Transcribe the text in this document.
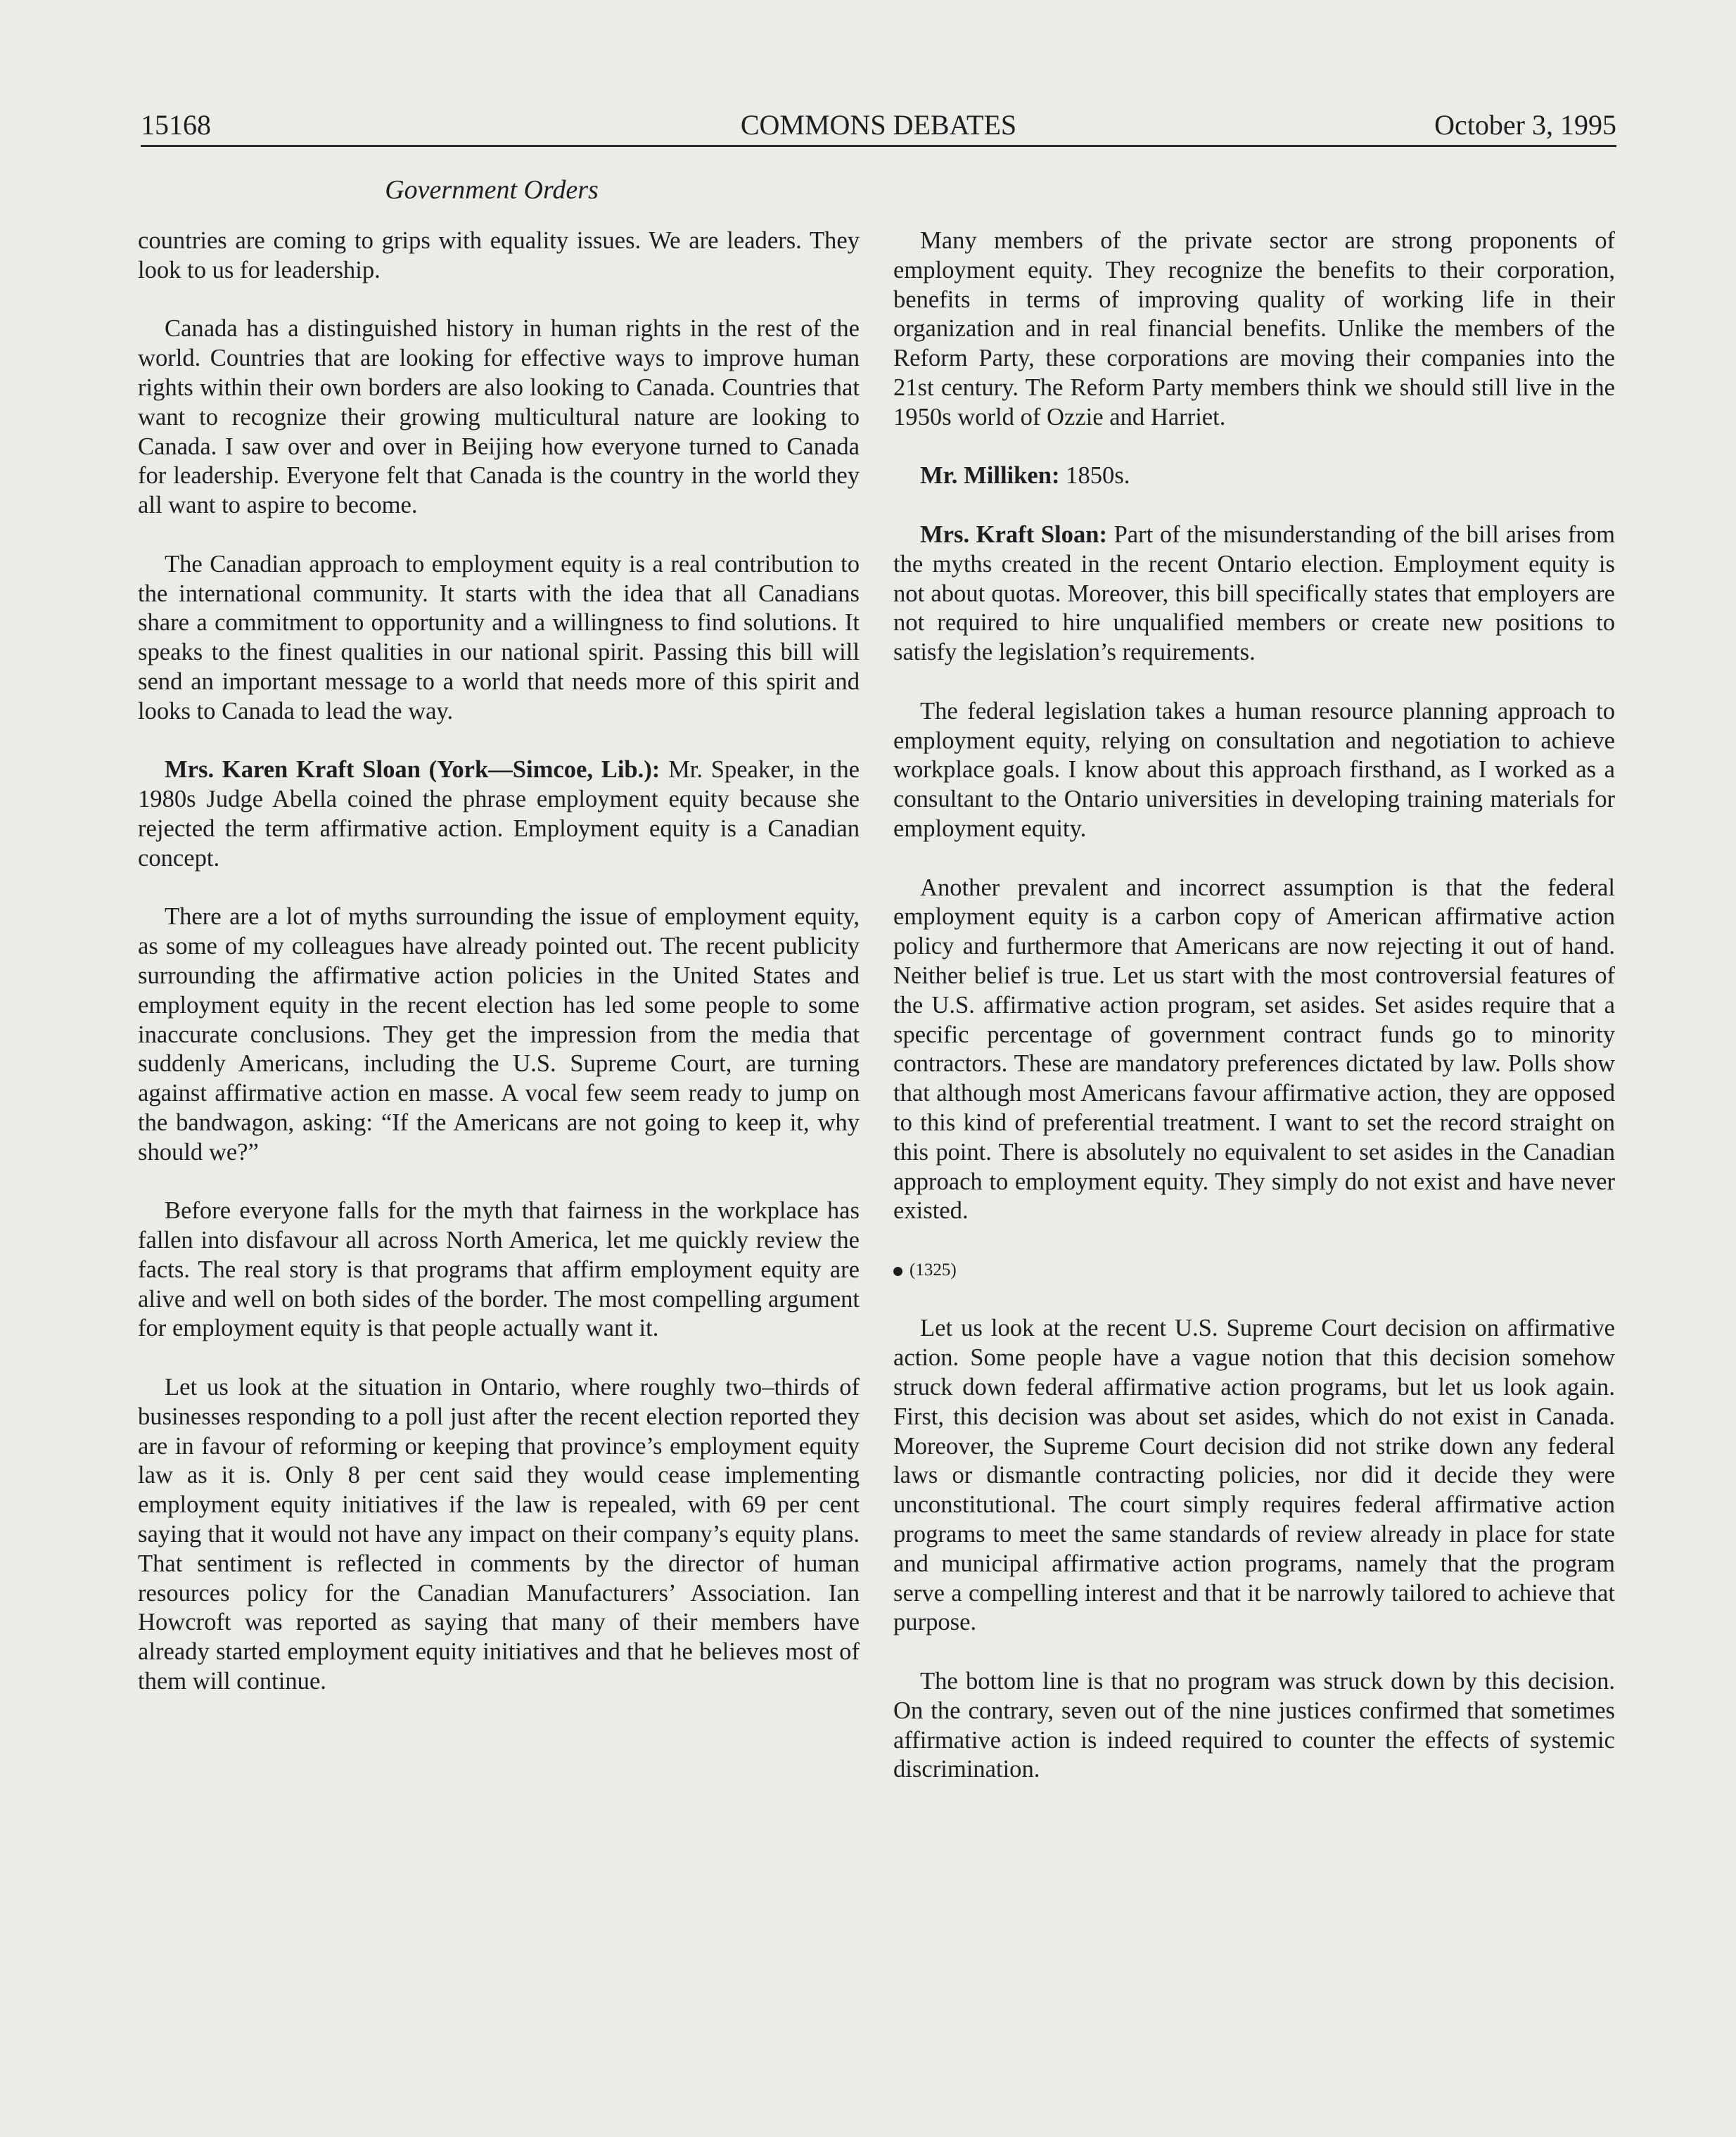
15168	COMMONS DEBATES	October 3, 1995
Government Orders

countries are coming to grips with equality issues. We are leaders. They look to us for leadership.

Canada has a distinguished history in human rights in the rest of the world. Countries that are looking for effective ways to improve human rights within their own borders are also looking to Canada. Countries that want to recognize their growing multicultural nature are looking to Canada. I saw over and over in Beijing how everyone turned to Canada for leadership. Everyone felt that Canada is the country in the world they all want to aspire to become.

The Canadian approach to employment equity is a real contribution to the international community. It starts with the idea that all Canadians share a commitment to opportunity and a willingness to find solutions. It speaks to the finest qualities in our national spirit. Passing this bill will send an important message to a world that needs more of this spirit and looks to Canada to lead the way.

Mrs. Karen Kraft Sloan (York—Simcoe, Lib.): Mr. Speaker, in the 1980s Judge Abella coined the phrase employment equity because she rejected the term affirmative action. Employment equity is a Canadian concept.

There are a lot of myths surrounding the issue of employment equity, as some of my colleagues have already pointed out. The recent publicity surrounding the affirmative action policies in the United States and employment equity in the recent election has led some people to some inaccurate conclusions. They get the impression from the media that suddenly Americans, including the U.S. Supreme Court, are turning against affirmative action en masse. A vocal few seem ready to jump on the bandwagon, asking: “If the Americans are not going to keep it, why should we?”

Before everyone falls for the myth that fairness in the workplace has fallen into disfavour all across North America, let me quickly review the facts. The real story is that programs that affirm employment equity are alive and well on both sides of the border. The most compelling argument for employment equity is that people actually want it.

Let us look at the situation in Ontario, where roughly two–thirds of businesses responding to a poll just after the recent election reported they are in favour of reforming or keeping that province’s employment equity law as it is. Only 8 per cent said they would cease implementing employment equity initiatives if the law is repealed, with 69 per cent saying that it would not have any impact on their company’s equity plans. That sentiment is reflected in comments by the director of human resources policy for the Canadian Manufacturers’ Association. Ian Howcroft was reported as saying that many of their members have already started employment equity initiatives and that he believes most of them will continue.

Many members of the private sector are strong proponents of employment equity. They recognize the benefits to their corporation, benefits in terms of improving quality of working life in their organization and in real financial benefits. Unlike the members of the Reform Party, these corporations are moving their companies into the 21st century. The Reform Party members think we should still live in the 1950s world of Ozzie and Harriet.

Mr. Milliken: 1850s.

Mrs. Kraft Sloan: Part of the misunderstanding of the bill arises from the myths created in the recent Ontario election. Employment equity is not about quotas. Moreover, this bill specifically states that employers are not required to hire unqualified members or create new positions to satisfy the legislation’s requirements.

The federal legislation takes a human resource planning approach to employment equity, relying on consultation and negotiation to achieve workplace goals. I know about this approach firsthand, as I worked as a consultant to the Ontario universities in developing training materials for employment equity.

Another prevalent and incorrect assumption is that the federal employment equity is a carbon copy of American affirmative action policy and furthermore that Americans are now rejecting it out of hand. Neither belief is true. Let us start with the most controversial features of the U.S. affirmative action program, set asides. Set asides require that a specific percentage of government contract funds go to minority contractors. These are mandatory preferences dictated by law. Polls show that although most Americans favour affirmative action, they are opposed to this kind of preferential treatment. I want to set the record straight on this point. There is absolutely no equivalent to set asides in the Canadian approach to employment equity. They simply do not exist and have never existed.

(1325)

Let us look at the recent U.S. Supreme Court decision on affirmative action. Some people have a vague notion that this decision somehow struck down federal affirmative action programs, but let us look again. First, this decision was about set asides, which do not exist in Canada. Moreover, the Supreme Court decision did not strike down any federal laws or dismantle contracting policies, nor did it decide they were unconstitutional. The court simply requires federal affirmative action programs to meet the same standards of review already in place for state and municipal affirmative action programs, namely that the program serve a compelling interest and that it be narrowly tailored to achieve that purpose.

The bottom line is that no program was struck down by this decision. On the contrary, seven out of the nine justices confirmed that sometimes affirmative action is indeed required to counter the effects of systemic discrimination.
